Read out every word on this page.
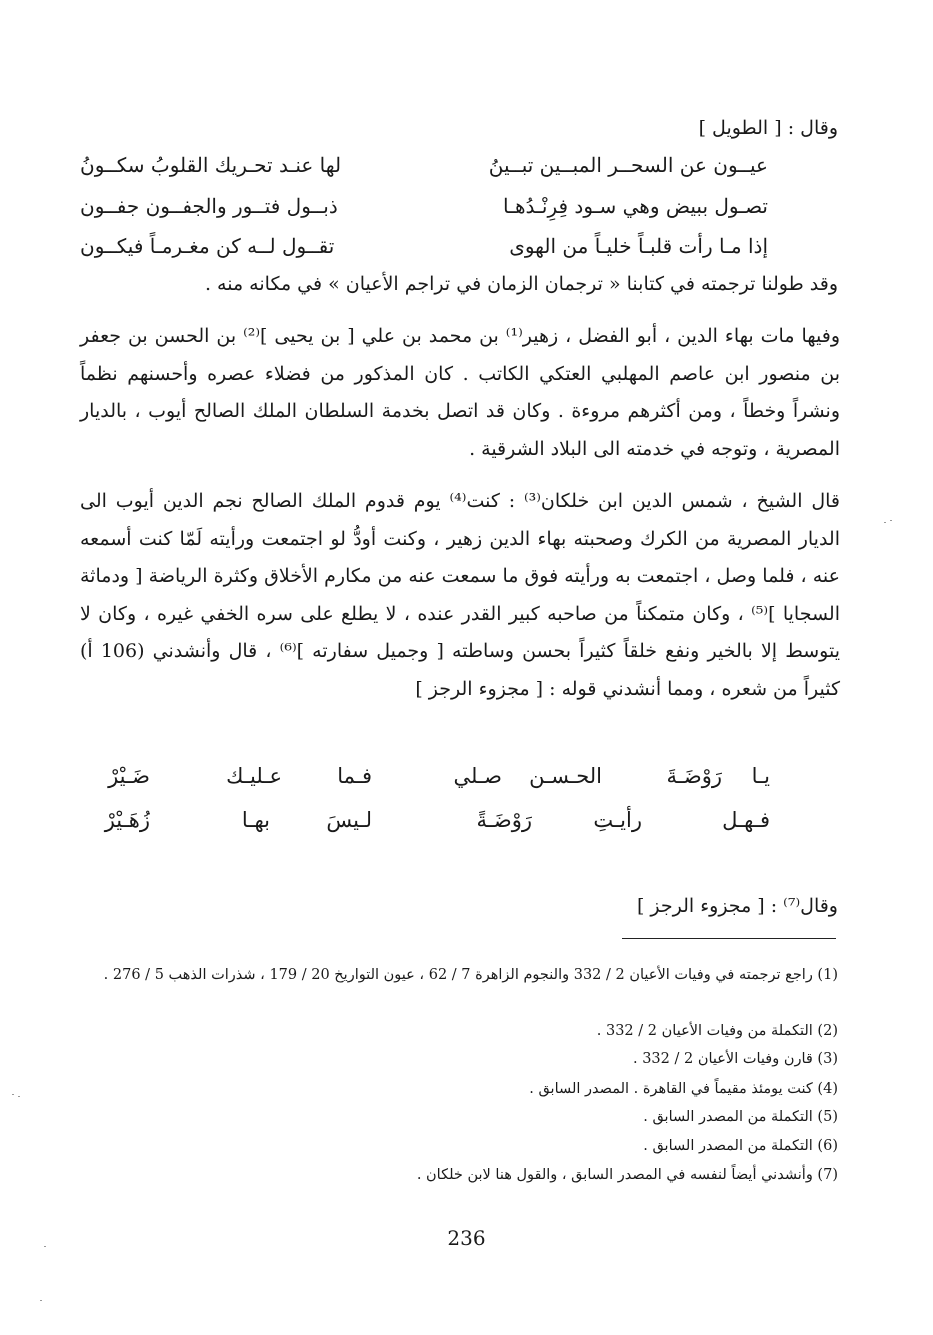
وقال : [ الطويل ]
عيــون عن السحــر المبــين تبــينُ
لها عنـد تحـريك القلوبُ سكــونُ
تصـول ببيض وهي سـود فِرِنْـدُهـا
ذبــول فتــور والجفــون جفــون
إذا مـا رأت قلبـاً خليـاً من الهوى
تقــول لــه كن مغـرمـاً فيكــون
وقد طولنا ترجمته في كتابنا « ترجمان الزمان في تراجم الأعيان » في مكانه منه .

وفيها مات بهاء الدين ، أبو الفضل ، زهير⁽¹⁾ بن محمد بن علي [ بن يحيى ]⁽²⁾ بن الحسن بن جعفر بن منصور ابن عاصم المهلبي العتكي الكاتب . كان المذكور من فضلاء عصره وأحسنهم نظماً ونشراً وخطاً ، ومن أكثرهم مروءة . وكان قد اتصل بخدمة السلطان الملك الصالح أيوب ، بالديار المصرية ، وتوجه في خدمته الى البلاد الشرقية .

قال الشيخ ، شمس الدين ابن خلكان⁽³⁾ : كنت⁽⁴⁾ يوم قدوم الملك الصالح نجم الدين أيوب الى الديار المصرية من الكرك وصحبته بهاء الدين زهير ، وكنت أودُّ لو اجتمعت ورأيته لَمّا كنت أسمعه عنه ، فلما وصل ، اجتمعت به ورأيته فوق ما سمعت عنه من مكارم الأخلاق وكثرة الرياضة [ ودماثة السجايا ]⁽⁵⁾ ، وكان متمكناً من صاحبه كبير القدر عنده ، لا يطلع على سره الخفي غيره ، وكان لا يتوسط إلا بالخير ونفع خلقاً كثيراً بحسن وساطته [ وجميل سفارته ]⁽⁶⁾ ، قال وأنشدني (106 أ) كثيراً من شعره ، ومما أنشدني قوله : [ مجزوء الرجز ]

يـا
رَوْضَـةَ
الحـسـن
صـلي
فـما
عـليـك
ضَـيْرْ
فـهـل
رأيـتِ
رَوْضَـةً
لـيسَ
بهـا
زُهَـيْرْ
وقال⁽⁷⁾ : [ مجزوء الرجز ]
(1) راجع ترجمته في وفيات الأعيان 2 / 332 والنجوم الزاهرة 7 / 62 ، عيون التواريخ 20 / 179 ، شذرات الذهب 5 / 276 .
(2) التكملة من وفيات الأعيان 2 / 332 .
(3) قارن وفيات الأعيان 2 / 332 .
(4) كنت يومئذ مقيماً في القاهرة . المصدر السابق .
(5) التكملة من المصدر السابق .
(6) التكملة من المصدر السابق .
(7) وأنشدني أيضاً لنفسه في المصدر السابق ، والقول هنا لابن خلكان .
236
